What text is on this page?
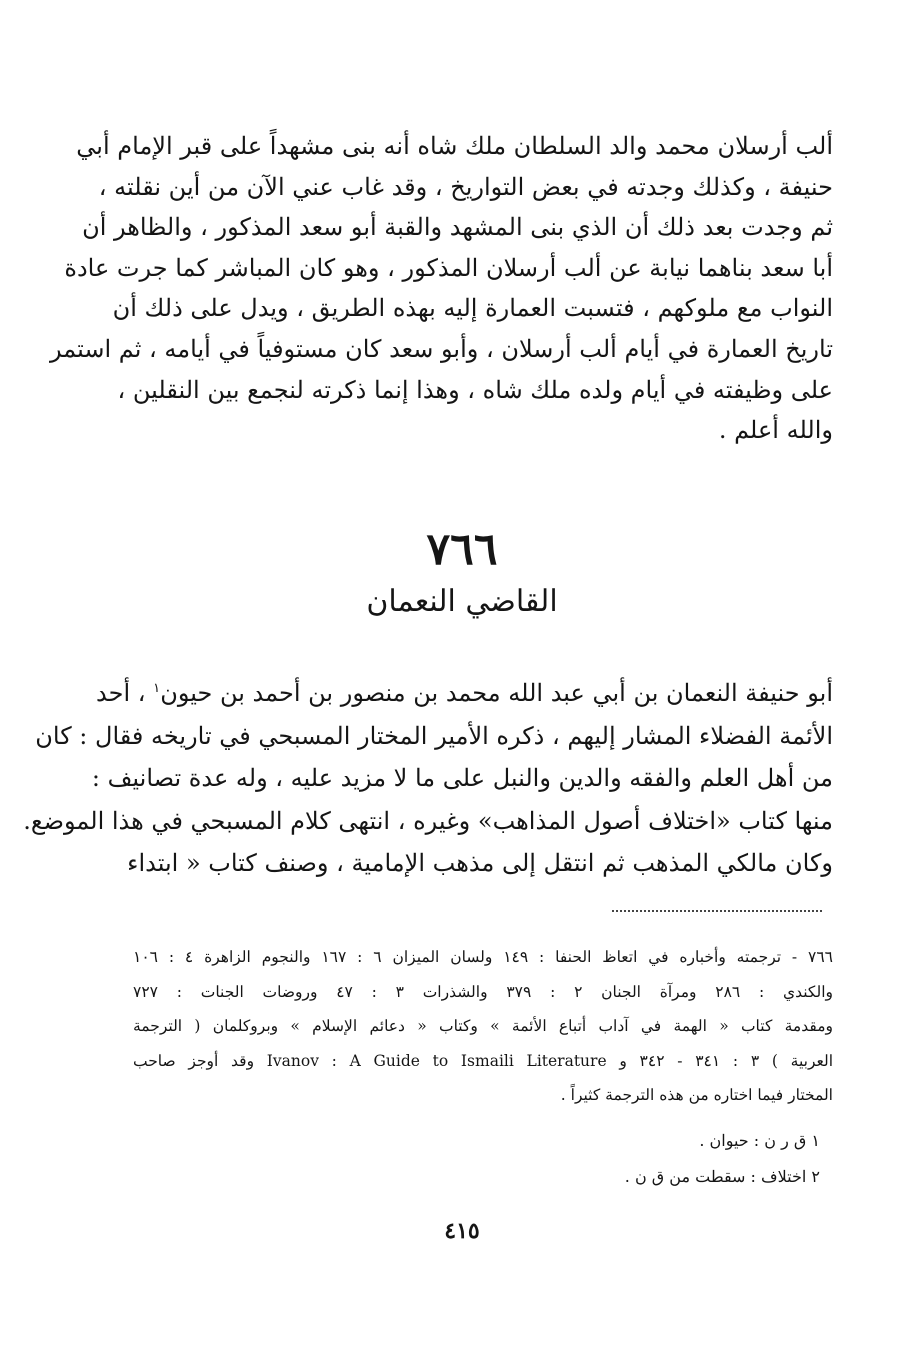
ألب أرسلان محمد والد السلطان ملك شاه أنه بنى مشهداً على قبر الإمام أبي
حنيفة ، وكذلك وجدته في بعض التواريخ ، وقد غاب عني الآن من أين نقلته ،
ثم وجدت بعد ذلك أن الذي بنى المشهد والقبة أبو سعد المذكور ، والظاهر أن
أبا سعد بناهما نيابة عن ألب أرسلان المذكور ، وهو كان المباشر كما جرت عادة
النواب مع ملوكهم ، فتسبت العمارة إليه بهذه الطريق ، ويدل على ذلك أن
تاريخ العمارة في أيام ألب أرسلان ، وأبو سعد كان مستوفياً في أيامه ، ثم استمر
على وظيفته في أيام ولده ملك شاه ، وهذا إنما ذكرته لنجمع بين النقلين ،
والله أعلم .
٧٦٦
القاضي النعمان
أبو حنيفة النعمان بن أبي عبد الله محمد بن منصور بن أحمد بن حيون$^١$ ، أحد
الأئمة الفضلاء المشار إليهم ، ذكره الأمير المختار المسبحي في تاريخه فقال : كان
من أهل العلم والفقه والدين والنبل على ما لا مزيد عليه ، وله عدة تصانيف :
منها كتاب «اختلاف أصول المذاهب» وغيره ، انتهى كلام المسبحي في هذا الموضع.
وكان مالكي المذهب ثم انتقل إلى مذهب الإمامية ، وصنف كتاب « ابتداء
٧٦٦ - ترجمته وأخباره في اتعاظ الحنفا : ١٤٩ ولسان الميزان ٦ : ١٦٧ والنجوم الزاهرة ٤ : ١٠٦
والكندي : ٢٨٦ ومرآة الجنان ٢ : ٣٧٩ والشذرات ٣ : ٤٧ وروضات الجنات : ٧٢٧
ومقدمة كتاب « الهمة في آداب أتباع الأئمة » وكتاب « دعائم الإسلام » وبروكلمان ( الترجمة
العربية ) ٣ : ٣٤١ - ٣٤٢ و Ivanov : A Guide to Ismaili Literature وقد أوجز صاحب
المختار فيما اختاره من هذه الترجمة كثيراً .
١ ق ر ن : حيوان .
٢ اختلاف : سقطت من ق ن .
٤١٥
